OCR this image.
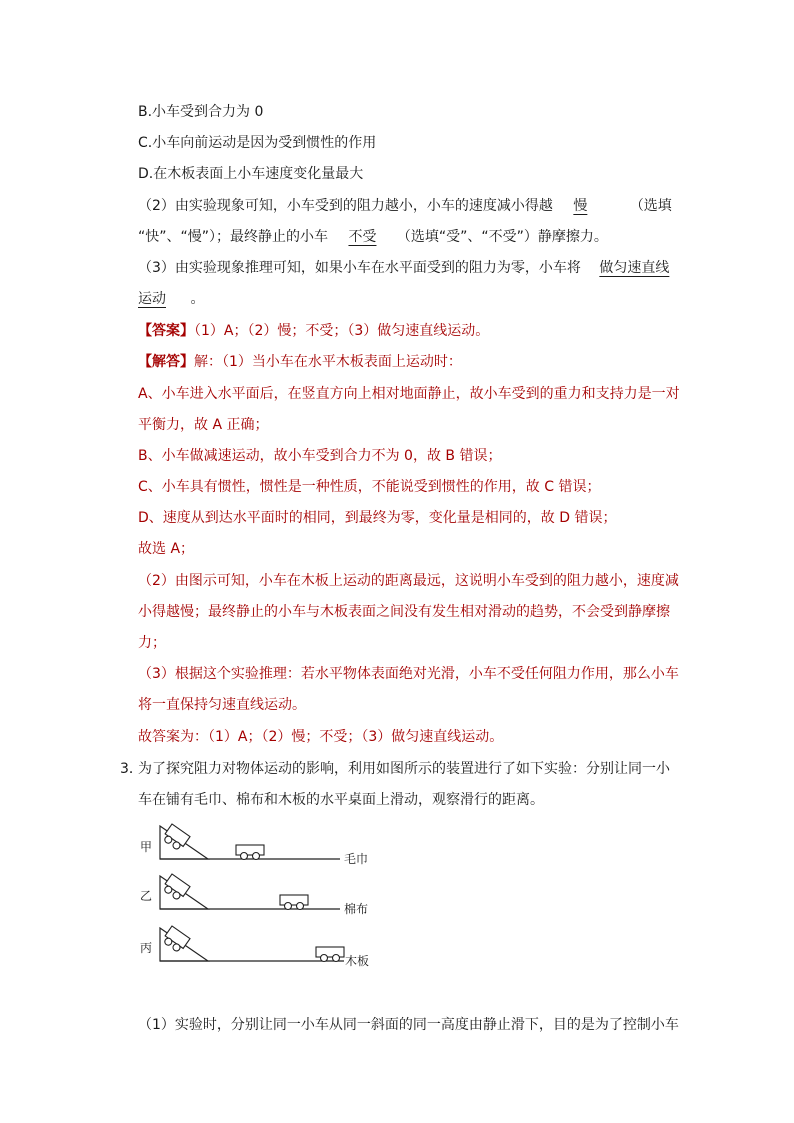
B.小车受到合力为 0
C.小车向前运动是因为受到惯性的作用
D.在木板表面上小车速度变化量最大
（2）由实验现象可知，小车受到的阻力越小，小车的速度减小得越 慢	（选填
“快”、“慢”）；最终静止的小车 不受 （选填“受”、“不受”）静摩擦力。
（3）由实验现象推理可知，如果小车在水平面受到的阻力为零，小车将 做匀速直线
运动 。
【答案】（1）A；（2）慢；不受；（3）做匀速直线运动。
【解答】解：（1）当小车在水平木板表面上运动时：
A、小车进入水平面后，在竖直方向上相对地面静止，故小车受到的重力和支持力是一对
平衡力，故 A 正确；
B、小车做减速运动，故小车受到合力不为 0，故 B 错误；
C、小车具有惯性，惯性是一种性质，不能说受到惯性的作用，故 C 错误；
D、速度从到达水平面时的相同，到最终为零，变化量是相同的，故 D 错误；
故选 A；
（2）由图示可知，小车在木板上运动的距离最远，这说明小车受到的阻力越小，速度减
小得越慢；最终静止的小车与木板表面之间没有发生相对滑动的趋势，不会受到静摩擦
力；
（3）根据这个实验推理：若水平物体表面绝对光滑，小车不受任何阻力作用，那么小车
将一直保持匀速直线运动。
故答案为：（1）A；（2）慢；不受；（3）做匀速直线运动。
3．
为了探究阻力对物体运动的影响，利用如图所示的装置进行了如下实验：分别让同一小
车在铺有毛巾、棉布和木板的水平桌面上滑动，观察滑行的距离。
甲
毛巾
乙
棉布
丙
木板
（1）实验时，分别让同一小车从同一斜面的同一高度由静止滑下，目的是为了控制小车
